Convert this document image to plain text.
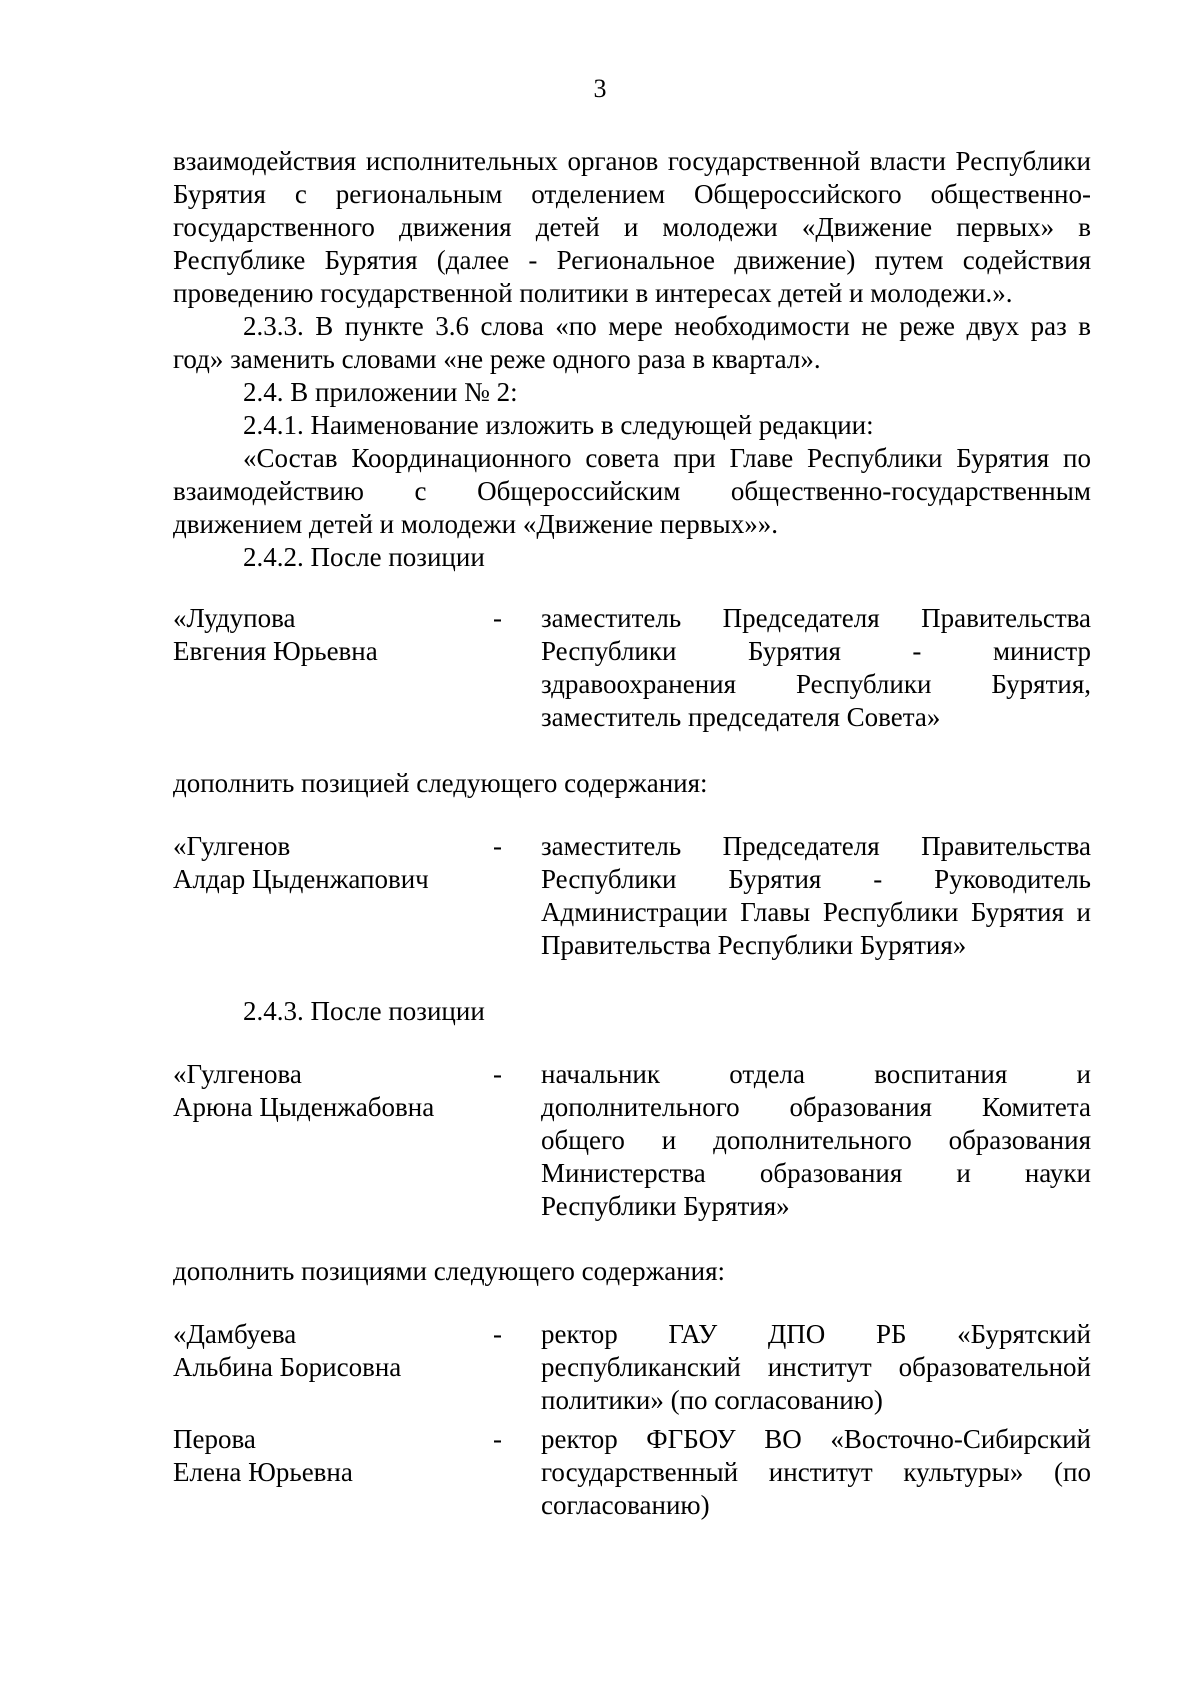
3

взаимодействия исполнительных органов государственной власти Республики Бурятия с региональным отделением Общероссийского общественно-государственного движения детей и молодежи «Движение первых» в Республике Бурятия (далее - Региональное движение) путем содействия проведению государственной политики в интересах детей и молодежи.».

2.3.3. В пункте 3.6 слова «по мере необходимости не реже двух раз в год» заменить словами «не реже одного раза в квартал».

2.4. В приложении № 2:

2.4.1. Наименование изложить в следующей редакции:

«Состав Координационного совета при Главе Республики Бурятия по взаимодействию с Общероссийским общественно-государственным движением детей и молодежи «Движение первых»».

2.4.2. После позиции

«Лудупова
Евгения Юрьевна
-	заместитель Председателя Правительства Республики Бурятия - министр здравоохранения Республики Бурятия, заместитель председателя Совета»
дополнить позицией следующего содержания:
«Гулгенов
Алдар Цыденжапович
-	заместитель Председателя Правительства Республики Бурятия - Руководитель Администрации Главы Республики Бурятия и Правительства Республики Бурятия»
2.4.3. После позиции
«Гулгенова
Арюна Цыденжабовна
-	начальник отдела воспитания и дополнительного образования Комитета общего и дополнительного образования Министерства образования и науки Республики Бурятия»
дополнить позициями следующего содержания:
«Дамбуева
Альбина Борисовна
-	ректор ГАУ ДПО РБ «Бурятский республиканский институт образовательной политики» (по согласованию)
Перова
Елена Юрьевна
-	ректор ФГБОУ ВО «Восточно-Сибирский государственный институт культуры» (по согласованию)
